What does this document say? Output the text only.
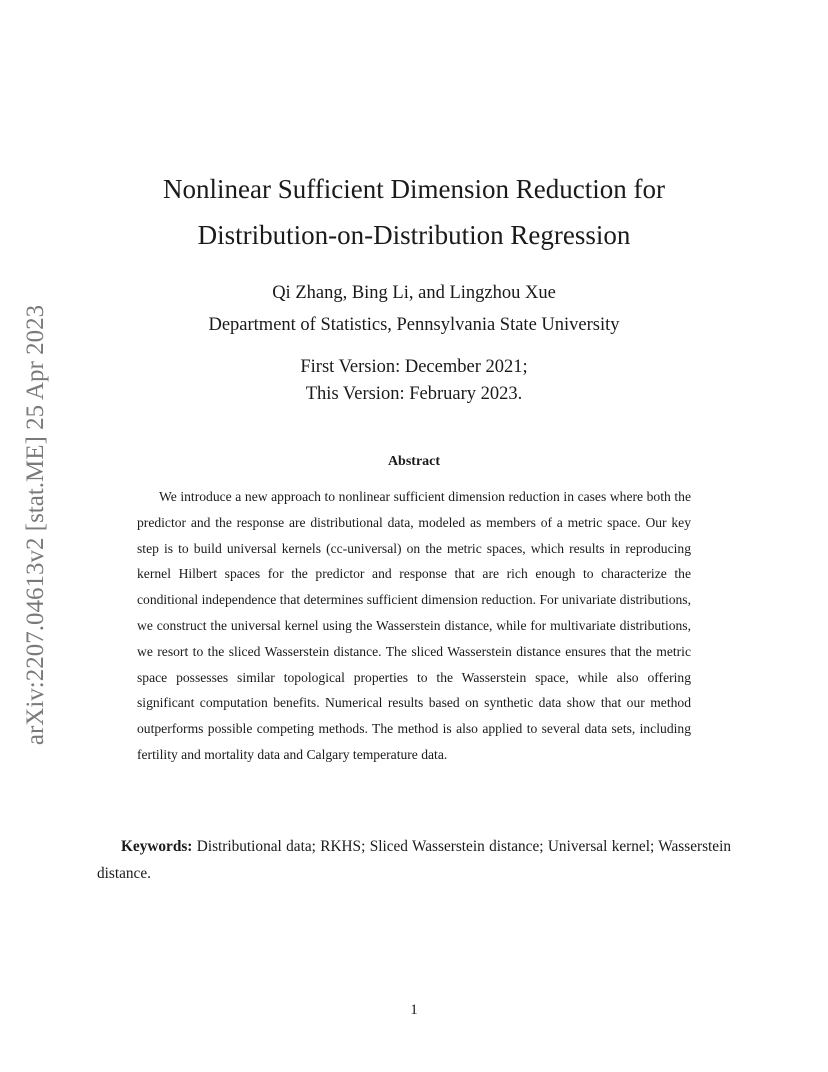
arXiv:2207.04613v2 [stat.ME] 25 Apr 2023
Nonlinear Sufficient Dimension Reduction for
Distribution-on-Distribution Regression
Qi Zhang, Bing Li, and Lingzhou Xue
Department of Statistics, Pennsylvania State University
First Version: December 2021;
This Version: February 2023.
Abstract

We introduce a new approach to nonlinear sufficient dimension reduction in cases where both the predictor and the response are distributional data, modeled as members of a metric space. Our key step is to build universal kernels (cc-universal) on the metric spaces, which results in reproducing kernel Hilbert spaces for the predictor and response that are rich enough to characterize the conditional independence that determines sufficient dimension reduction. For univariate distributions, we construct the universal kernel using the Wasserstein distance, while for multivariate distributions, we resort to the sliced Wasserstein distance. The sliced Wasserstein distance ensures that the metric space possesses similar topological properties to the Wasserstein space, while also offering significant computation benefits. Numerical results based on synthetic data show that our method outperforms possible competing methods. The method is also applied to several data sets, including fertility and mortality data and Calgary temperature data.

Keywords: Distributional data; RKHS; Sliced Wasserstein distance; Universal kernel; Wasserstein distance.

1
